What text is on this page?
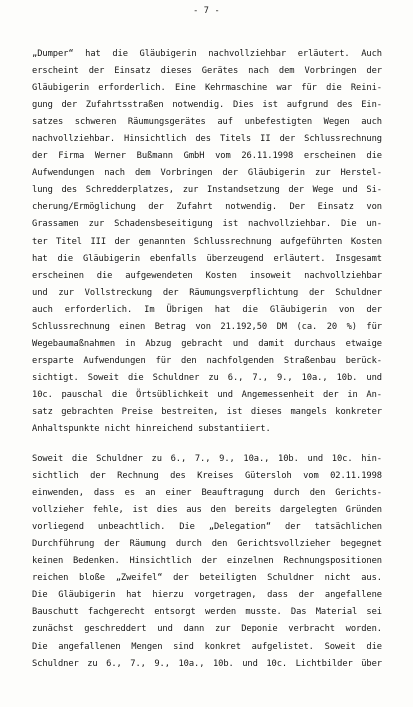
- 7 -
„Dumper“ hat die Gläubigerin nachvollziehbar erläutert. Auch
erscheint der Einsatz dieses Gerätes nach dem Vorbringen der
Gläubigerin erforderlich. Eine Kehrmaschine war für die Reini-
gung der Zufahrtsstraßen notwendig. Dies ist aufgrund des Ein-
satzes schweren Räumungsgerätes auf unbefestigten Wegen auch
nachvollziehbar. Hinsichtlich des Titels II der Schlussrechnung
der Firma Werner Bußmann GmbH vom 26.11.1998 erscheinen die
Aufwendungen nach dem Vorbringen der Gläubigerin zur Herstel-
lung des Schredderplatzes, zur Instandsetzung der Wege und Si-
cherung/Ermöglichung der Zufahrt notwendig. Der Einsatz von
Grassamen zur Schadensbeseitigung ist nachvollziehbar. Die un-
ter Titel III der genannten Schlussrechnung aufgeführten Kosten
hat die Gläubigerin ebenfalls überzeugend erläutert. Insgesamt
erscheinen die aufgewendeten Kosten insoweit nachvollziehbar
und zur Vollstreckung der Räumungsverpflichtung der Schuldner
auch erforderlich. Im Übrigen hat die Gläubigerin von der
Schlussrechnung einen Betrag von 21.192,50 DM (ca. 20 %) für
Wegebaumaßnahmen in Abzug gebracht und damit durchaus etwaige
ersparte Aufwendungen für den nachfolgenden Straßenbau berück-
sichtigt. Soweit die Schuldner zu 6., 7., 9., 10a., 10b. und
10c. pauschal die Örtsüblichkeit und Angemessenheit der in An-
satz gebrachten Preise bestreiten, ist dieses mangels konkreter
Anhaltspunkte nicht hinreichend substantiiert.
Soweit die Schuldner zu 6., 7., 9., 10a., 10b. und 10c. hin-
sichtlich der Rechnung des Kreises Gütersloh vom 02.11.1998
einwenden, dass es an einer Beauftragung durch den Gerichts-
vollzieher fehle, ist dies aus den bereits dargelegten Gründen
vorliegend unbeachtlich. Die „Delegation“ der tatsächlichen
Durchführung der Räumung durch den Gerichtsvollzieher begegnet
keinen Bedenken. Hinsichtlich der einzelnen Rechnungspositionen
reichen bloße „Zweifel“ der beteiligten Schuldner nicht aus.
Die Gläubigerin hat hierzu vorgetragen, dass der angefallene
Bauschutt fachgerecht entsorgt werden musste. Das Material sei
zunächst geschreddert und dann zur Deponie verbracht worden.
Die angefallenen Mengen sind konkret aufgelistet. Soweit die
Schuldner zu 6., 7., 9., 10a., 10b. und 10c. Lichtbilder über
